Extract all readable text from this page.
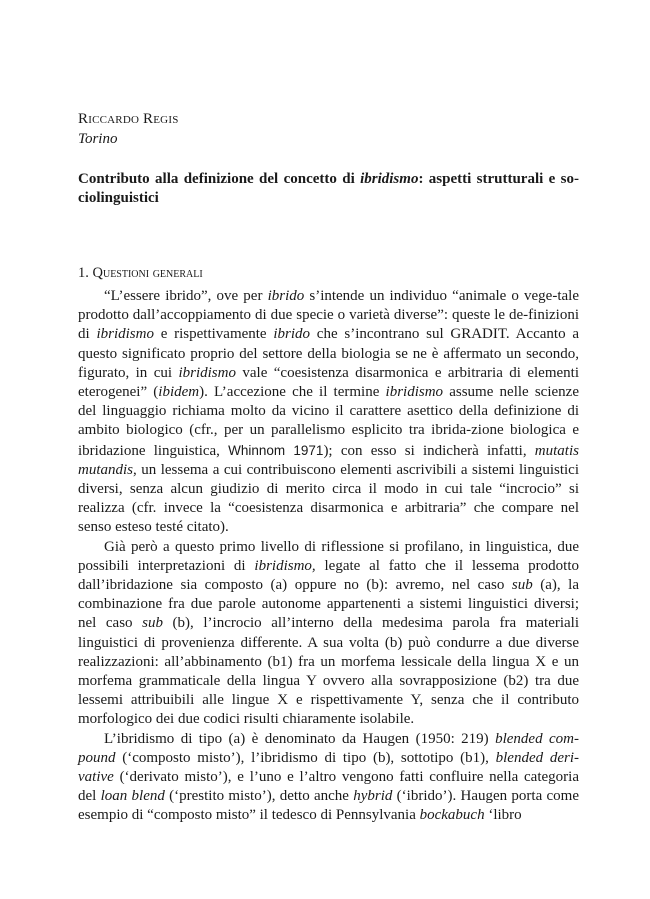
Riccardo Regis
Torino
Contributo alla definizione del concetto di ibridismo: aspetti strutturali e so-ciolinguistici
1. Questioni generali

“L’essere ibrido”, ove per ibrido s’intende un individuo “animale o vege-tale prodotto dall’accoppiamento di due specie o varietà diverse”: queste le de-finizioni di ibridismo e rispettivamente ibrido che s’incontrano sul GRADIT. Accanto a questo significato proprio del settore della biologia se ne è affermato un secondo, figurato, in cui ibridismo vale “coesistenza disarmonica e arbitraria di elementi eterogenei” (ibidem). L’accezione che il termine ibridismo assume nelle scienze del linguaggio richiama molto da vicino il carattere asettico della definizione di ambito biologico (cfr., per un parallelismo esplicito tra ibrida-zione biologica e ibridazione linguistica, Whinnom 1971); con esso si indicherà infatti, mutatis mutandis, un lessema a cui contribuiscono elementi ascrivibili a sistemi linguistici diversi, senza alcun giudizio di merito circa il modo in cui tale “incrocio” si realizza (cfr. invece la “coesistenza disarmonica e arbitraria” che compare nel senso esteso testé citato).

Già però a questo primo livello di riflessione si profilano, in linguistica, due possibili interpretazioni di ibridismo, legate al fatto che il lessema prodotto dall’ibridazione sia composto (a) oppure no (b): avremo, nel caso sub (a), la combinazione fra due parole autonome appartenenti a sistemi linguistici diversi; nel caso sub (b), l’incrocio all’interno della medesima parola fra materiali linguistici di provenienza differente. A sua volta (b) può condurre a due diverse realizzazioni: all’abbinamento (b1) fra un morfema lessicale della lingua X e un morfema grammaticale della lingua Y ovvero alla sovrapposizione (b2) tra due lessemi attribuibili alle lingue X e rispettivamente Y, senza che il contributo morfologico dei due codici risulti chiaramente isolabile.

L’ibridismo di tipo (a) è denominato da Haugen (1950: 219) blended com-pound (‘composto misto’), l’ibridismo di tipo (b), sottotipo (b1), blended deri-vative (‘derivato misto’), e l’uno e l’altro vengono fatti confluire nella categoria del loan blend (‘prestito misto’), detto anche hybrid (‘ibrido’). Haugen porta come esempio di “composto misto” il tedesco di Pennsylvania bockabuch ‘libro
